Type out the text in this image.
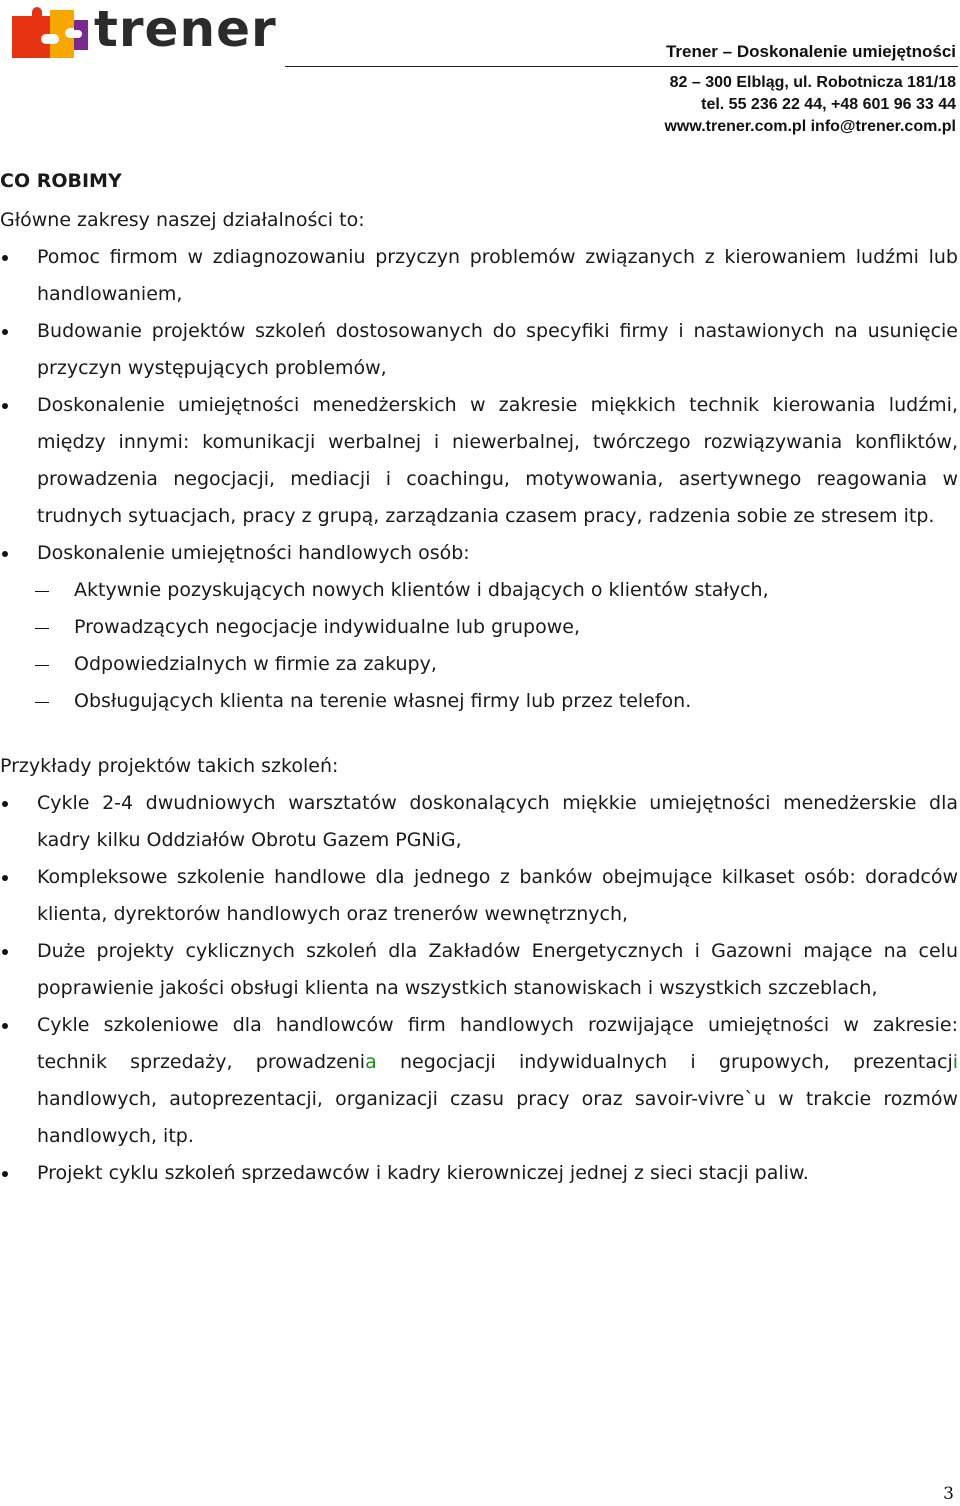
trener	Trener – Doskonalenie umiejętności
82 – 300 Elbląg, ul. Robotnicza 181/18
tel. 55 236 22 44, +48 601 96 33 44
www.trener.com.pl info@trener.com.pl

CO ROBIMY

Główne zakresy naszej działalności to:

Pomoc firmom w zdiagnozowaniu przyczyn problemów związanych z kierowaniem ludźmi lub handlowaniem,
Budowanie projektów szkoleń dostosowanych do specyfiki firmy i nastawionych na usunięcie przyczyn występujących problemów,
Doskonalenie umiejętności menedżerskich w zakresie miękkich technik kierowania ludźmi, między innymi: komunikacji werbalnej i niewerbalnej, twórczego rozwiązywania konfliktów, prowadzenia negocjacji, mediacji i coachingu, motywowania, asertywnego reagowania w trudnych sytuacjach, pracy z grupą, zarządzania czasem pracy, radzenia sobie ze stresem itp.
Doskonalenie umiejętności handlowych osób:
Aktywnie pozyskujących nowych klientów i dbających o klientów stałych,
Prowadzących negocjacje indywidualne lub grupowe,
Odpowiedzialnych w firmie za zakupy,
Obsługujących klienta na terenie własnej firmy lub przez telefon.

Przykłady projektów takich szkoleń:

Cykle 2-4 dwudniowych warsztatów doskonalących miękkie umiejętności menedżerskie dla kadry kilku Oddziałów Obrotu Gazem PGNiG,
Kompleksowe szkolenie handlowe dla jednego z banków obejmujące kilkaset osób: doradców klienta, dyrektorów handlowych oraz trenerów wewnętrznych,
Duże projekty cyklicznych szkoleń dla Zakładów Energetycznych i Gazowni mające na celu poprawienie jakości obsługi klienta na wszystkich stanowiskach i wszystkich szczeblach,
Cykle szkoleniowe dla handlowców firm handlowych rozwijające umiejętności w zakresie: technik sprzedaży, prowadzenia negocjacji indywidualnych i grupowych, prezentacji handlowych, autoprezentacji, organizacji czasu pracy oraz savoir-vivre`u w trakcie rozmów handlowych, itp.
Projekt cyklu szkoleń sprzedawców i kadry kierowniczej jednej z sieci stacji paliw.
3
